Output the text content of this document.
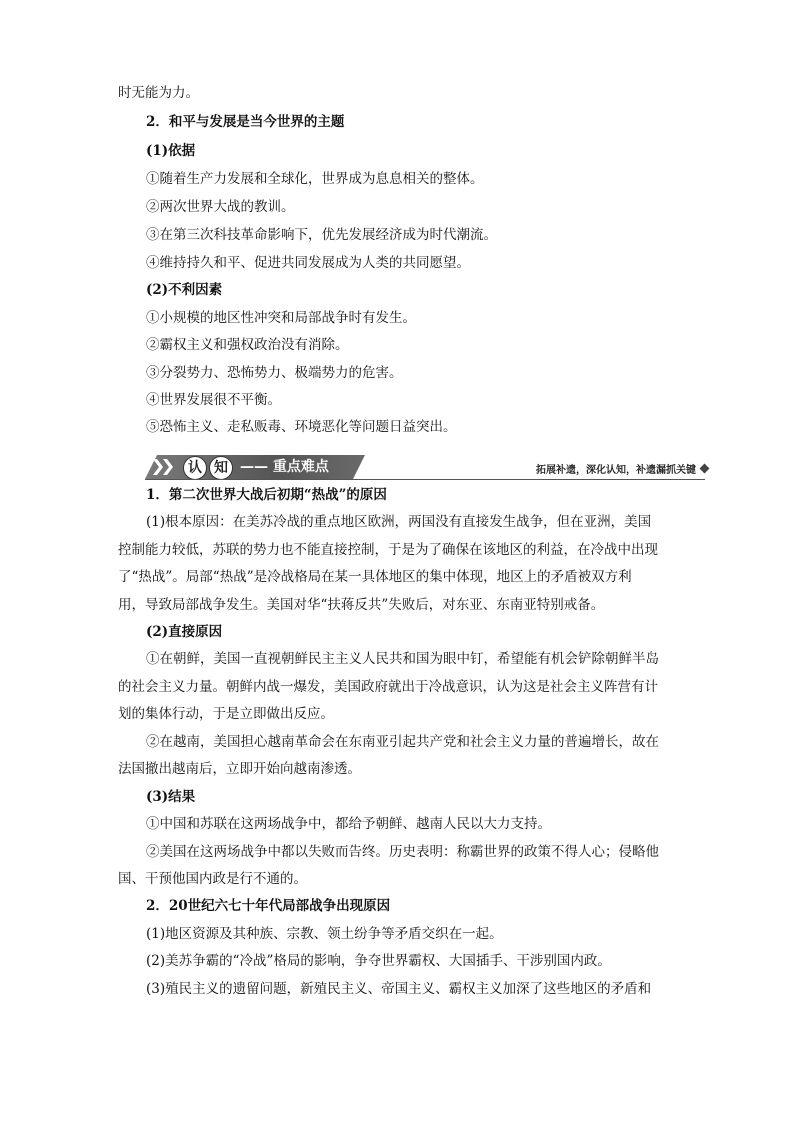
时无能为力。
2．和平与发展是当今世界的主题
(1)依据
①随着生产力发展和全球化，世界成为息息相关的整体。
②两次世界大战的教训。
③在第三次科技革命影响下，优先发展经济成为时代潮流。
④维持持久和平、促进共同发展成为人类的共同愿望。
(2)不利因素
①小规模的地区性冲突和局部战争时有发生。
②霸权主义和强权政治没有消除。
③分裂势力、恐怖势力、极端势力的危害。
④世界发展很不平衡。
⑤恐怖主义、走私贩毒、环境恶化等问题日益突出。
1．第二次世界大战后初期“热战”的原因
(1)根本原因：在美苏冷战的重点地区欧洲，两国没有直接发生战争，但在亚洲，美国
控制能力较低，苏联的势力也不能直接控制，于是为了确保在该地区的利益，在冷战中出现
了“热战”。局部“热战”是冷战格局在某一具体地区的集中体现，地区上的矛盾被双方利
用，导致局部战争发生。美国对华“扶蒋反共”失败后，对东亚、东南亚特别戒备。
(2)直接原因
①在朝鲜，美国一直视朝鲜民主主义人民共和国为眼中钉，希望能有机会铲除朝鲜半岛
的社会主义力量。朝鲜内战一爆发，美国政府就出于冷战意识，认为这是社会主义阵营有计
划的集体行动，于是立即做出反应。
②在越南，美国担心越南革命会在东南亚引起共产党和社会主义力量的普遍增长，故在
法国撤出越南后，立即开始向越南渗透。
(3)结果
①中国和苏联在这两场战争中，都给予朝鲜、越南人民以大力支持。
②美国在这两场战争中都以失败而告终。历史表明：称霸世界的政策不得人心；侵略他
国、干预他国内政是行不通的。
2．20世纪六七十年代局部战争出现原因
(1)地区资源及其种族、宗教、领土纷争等矛盾交织在一起。
(2)美苏争霸的“冷战”格局的影响，争夺世界霸权、大国插手、干涉别国内政。
(3)殖民主义的遗留问题，新殖民主义、帝国主义、霸权主义加深了这些地区的矛盾和
认 知 —— 重点难点	拓展补遗，深化认知，补遗漏抓关键
